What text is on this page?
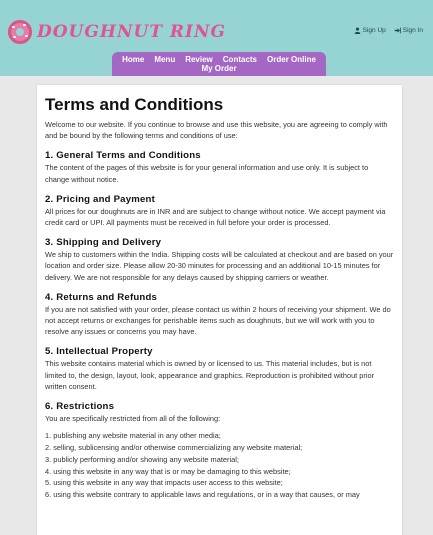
DOUGHNUT RING	Sign Up	Sign In
Home Menu Review Contacts Order Online
My Order
Terms and Conditions

Welcome to our website. If you continue to browse and use this website, you are agreeing to comply with and be bound by the following terms and conditions of use:

1. General Terms and Conditions

The content of the pages of this website is for your general information and use only. It is subject to change without notice.

2. Pricing and Payment

All prices for our doughnuts are in INR and are subject to change without notice. We accept payment via credit card or UPI. All payments must be received in full before your order is processed.

3. Shipping and Delivery

We ship to customers within the India. Shipping costs will be calculated at checkout and are based on your location and order size. Please allow 20-30 minutes for processing and an additional 10-15 minutes for delivery. We are not responsible for any delays caused by shipping carriers or weather.

4. Returns and Refunds

If you are not satisfied with your order, please contact us within 2 hours of receiving your shipment. We do not accept returns or exchanges for perishable items such as doughnuts, but we will work with you to resolve any issues or concerns you may have.

5. Intellectual Property

This website contains material which is owned by or licensed to us. This material includes, but is not limited to, the design, layout, look, appearance and graphics. Reproduction is prohibited without prior written consent.

6. Restrictions

You are specifically restricted from all of the following:

1. publishing any website material in any other media;
2. selling, sublicensing and/or otherwise commercializing any website material;
3. publicly performing and/or showing any website material;
4. using this website in any way that is or may be damaging to this website;
5. using this website in any way that impacts user access to this website;
6. using this website contrary to applicable laws and regulations, or in a way that causes, or may
